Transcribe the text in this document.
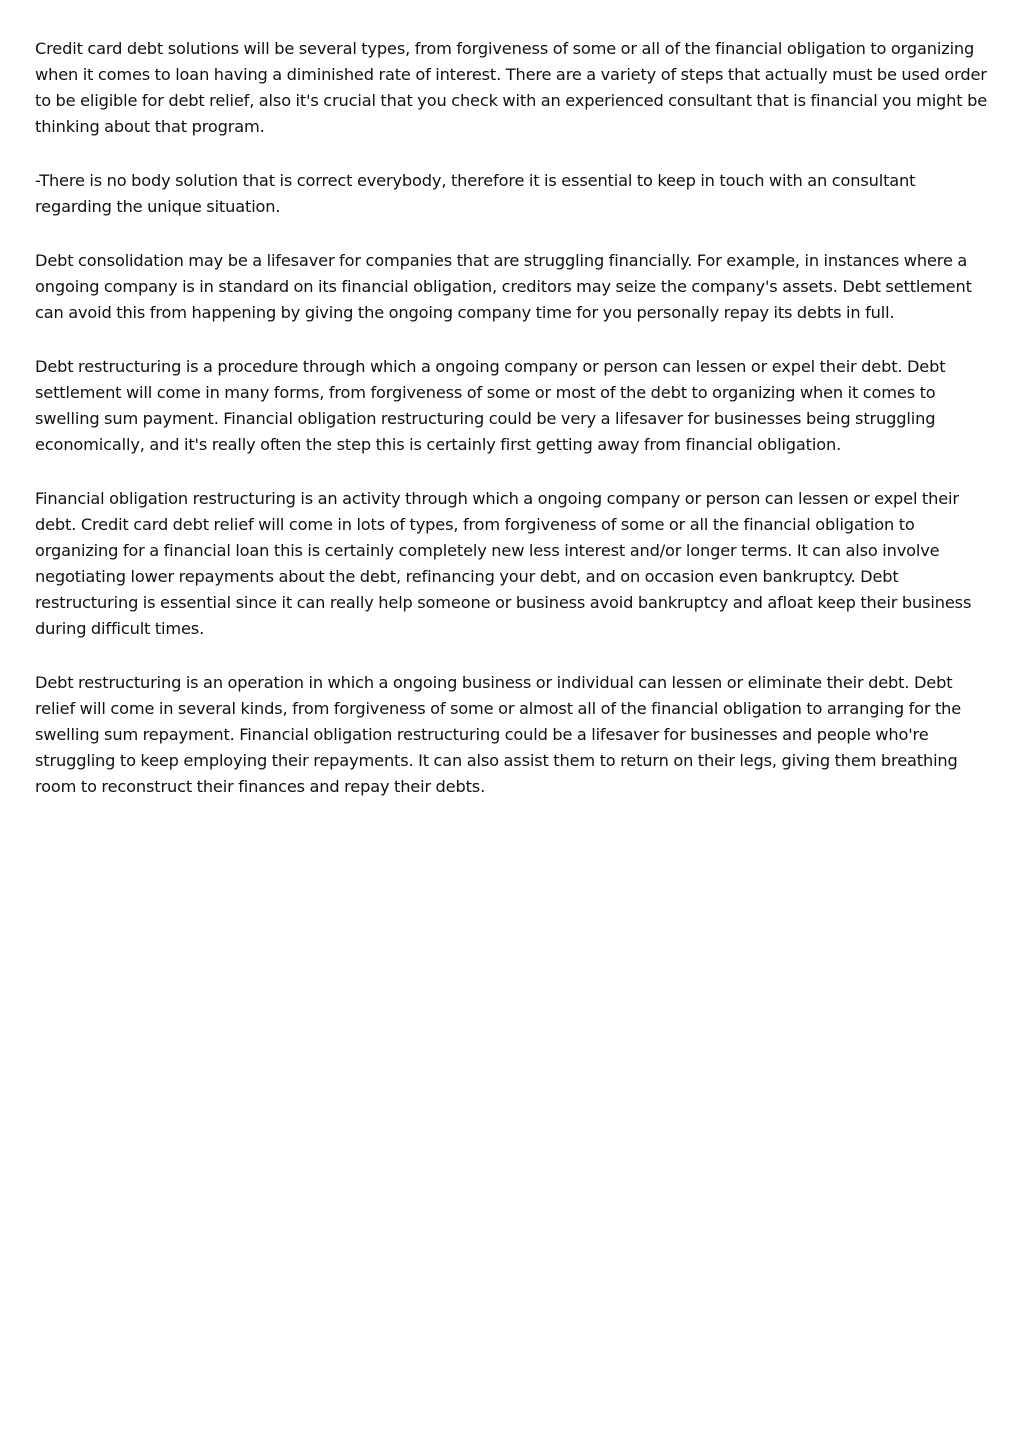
Credit card debt solutions will be several types, from forgiveness of some or all of the financial obligation to organizing when it comes to loan having a diminished rate of interest. There are a variety of steps that actually must be used order to be eligible for debt relief, also it's crucial that you check with an experienced consultant that is financial you might be thinking about that program.

-There is no body solution that is correct everybody, therefore it is essential to keep in touch with an consultant regarding the unique situation.

Debt consolidation may be a lifesaver for companies that are struggling financially. For example, in instances where a ongoing company is in standard on its financial obligation, creditors may seize the company's assets. Debt settlement can avoid this from happening by giving the ongoing company time for you personally repay its debts in full.

Debt restructuring is a procedure through which a ongoing company or person can lessen or expel their debt. Debt settlement will come in many forms, from forgiveness of some or most of the debt to organizing when it comes to swelling sum payment. Financial obligation restructuring could be very a lifesaver for businesses being struggling economically, and it's really often the step this is certainly first getting away from financial obligation.

Financial obligation restructuring is an activity through which a ongoing company or person can lessen or expel their debt. Credit card debt relief will come in lots of types, from forgiveness of some or all the financial obligation to organizing for a financial loan this is certainly completely new less interest and/or longer terms. It can also involve negotiating lower repayments about the debt, refinancing your debt, and on occasion even bankruptcy. Debt restructuring is essential since it can really help someone or business avoid bankruptcy and afloat keep their business during difficult times.

Debt restructuring is an operation in which a ongoing business or individual can lessen or eliminate their debt. Debt relief will come in several kinds, from forgiveness of some or almost all of the financial obligation to arranging for the swelling sum repayment. Financial obligation restructuring could be a lifesaver for businesses and people who're struggling to keep employing their repayments. It can also assist them to return on their legs, giving them breathing room to reconstruct their finances and repay their debts.
